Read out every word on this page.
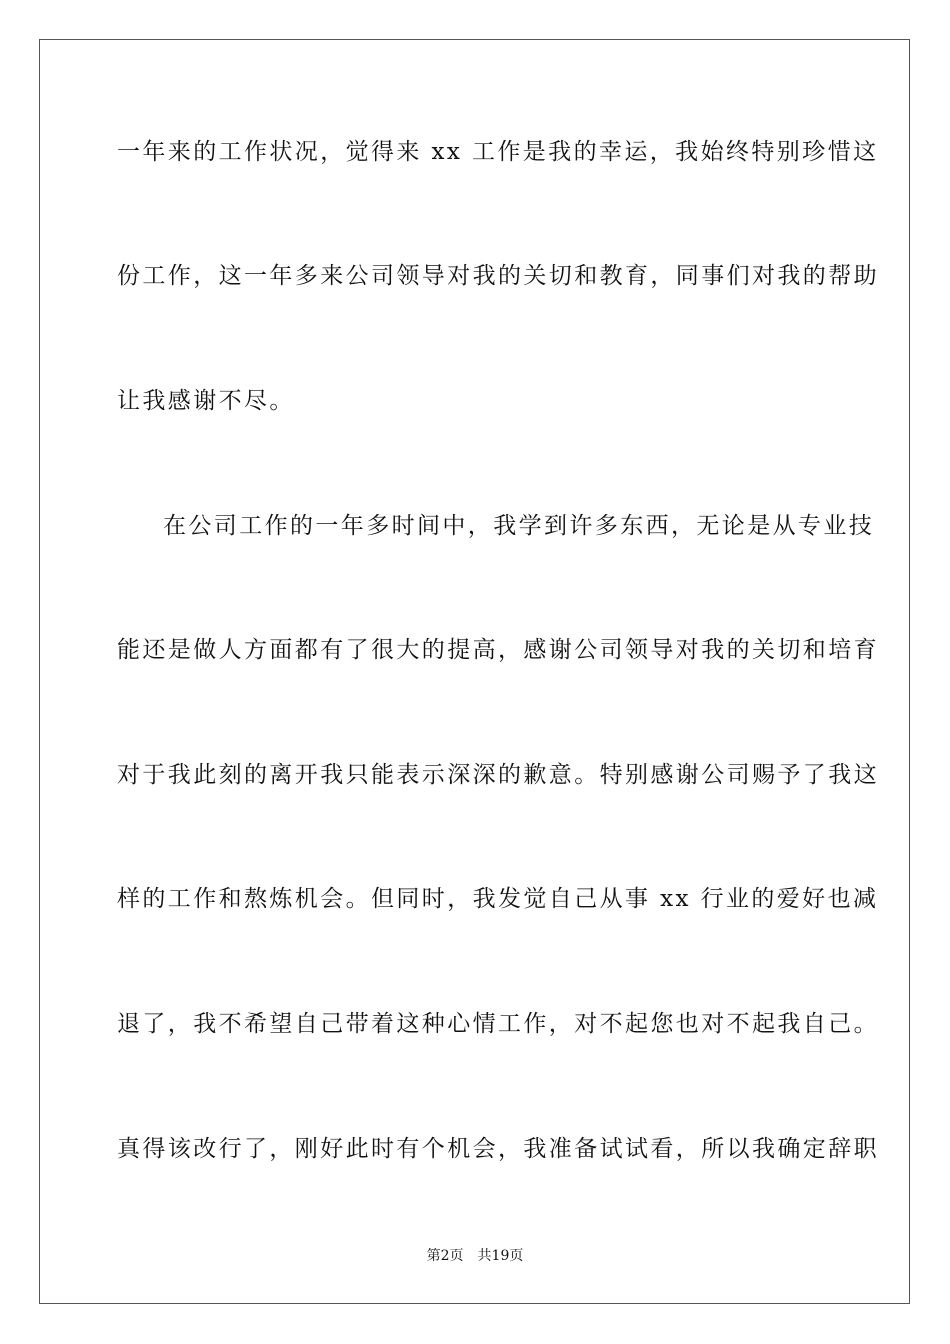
一年来的工作状况，觉得来 xx 工作是我的幸运，我始终特别珍惜这
份工作，这一年多来公司领导对我的关切和教育，同事们对我的帮助
让我感谢不尽。
在公司工作的一年多时间中，我学到许多东西，无论是从专业技
能还是做人方面都有了很大的提高，感谢公司领导对我的关切和培育
对于我此刻的离开我只能表示深深的歉意。特别感谢公司赐予了我这
样的工作和熬炼机会。但同时，我发觉自己从事 xx 行业的爱好也减
退了，我不希望自己带着这种心情工作，对不起您也对不起我自己。
真得该改行了，刚好此时有个机会，我准备试试看，所以我确定辞职
第2页 共19页
